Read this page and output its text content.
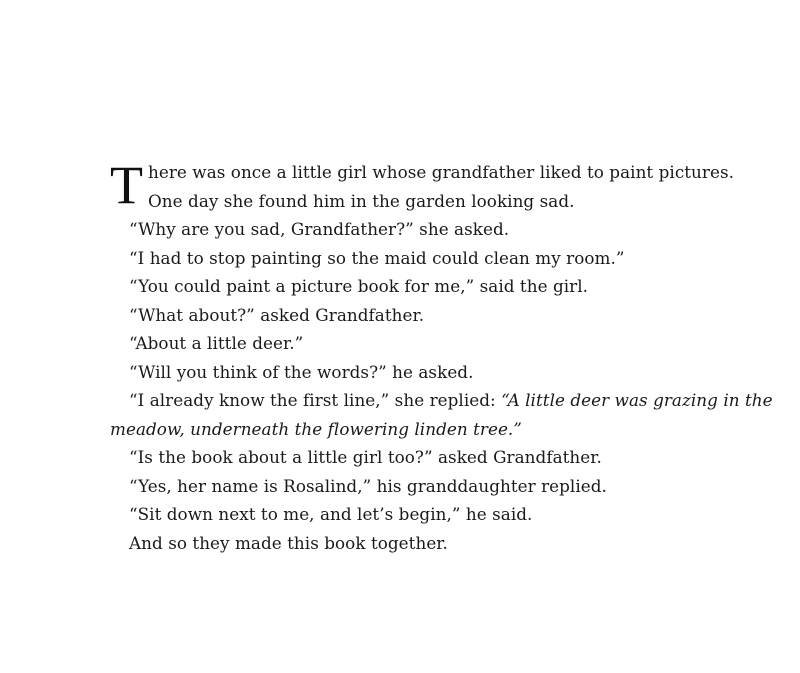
T here was once a little girl whose grandfather liked to paint pictures.
One day she found him in the garden looking sad.
“Why are you sad, Grandfather?” she asked.
“I had to stop painting so the maid could clean my room.”
“You could paint a picture book for me,” said the girl.
“What about?” asked Grandfather.
“About a little deer.”
“Will you think of the words?” he asked.
“I already know the first line,” she replied: “A little deer was grazing in the
meadow, underneath the flowering linden tree.”
“Is the book about a little girl too?” asked Grandfather.
“Yes, her name is Rosalind,” his granddaughter replied.
“Sit down next to me, and let’s begin,” he said.
And so they made this book together.
